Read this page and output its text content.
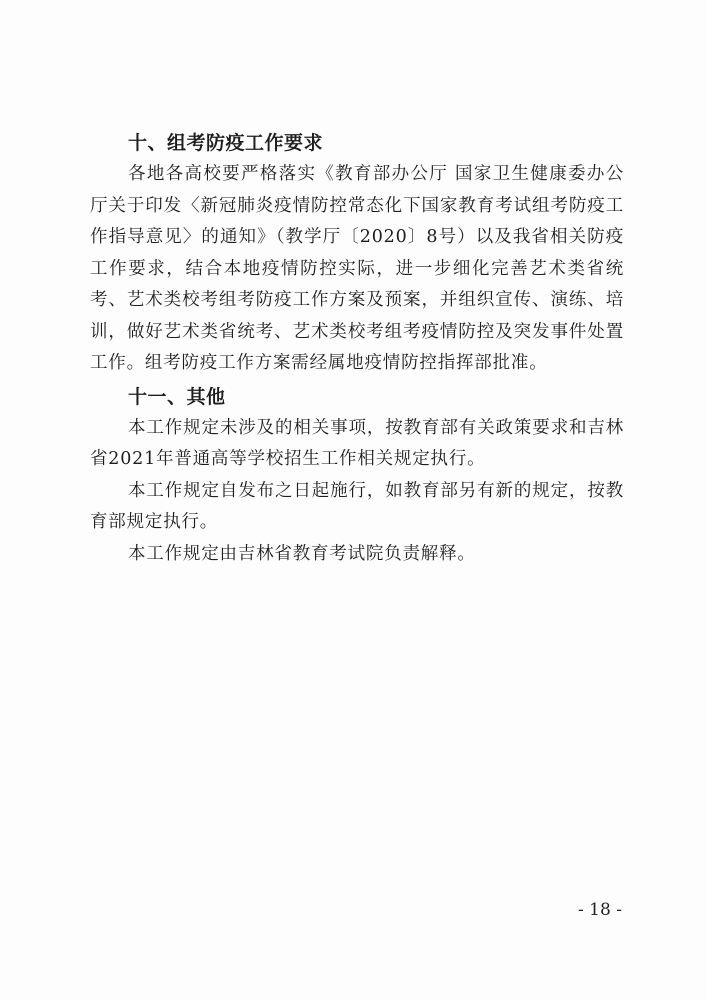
十、组考防疫工作要求

各地各高校要严格落实《教育部办公厅 国家卫生健康委办公厅关于印发〈新冠肺炎疫情防控常态化下国家教育考试组考防疫工作指导意见〉的通知》（教学厅〔2020〕8号）以及我省相关防疫工作要求，结合本地疫情防控实际，进一步细化完善艺术类省统考、艺术类校考组考防疫工作方案及预案，并组织宣传、演练、培训，做好艺术类省统考、艺术类校考组考疫情防控及突发事件处置工作。组考防疫工作方案需经属地疫情防控指挥部批准。

十一、其他

本工作规定未涉及的相关事项，按教育部有关政策要求和吉林省2021年普通高等学校招生工作相关规定执行。

本工作规定自发布之日起施行，如教育部另有新的规定，按教育部规定执行。

本工作规定由吉林省教育考试院负责解释。

- 18 -
